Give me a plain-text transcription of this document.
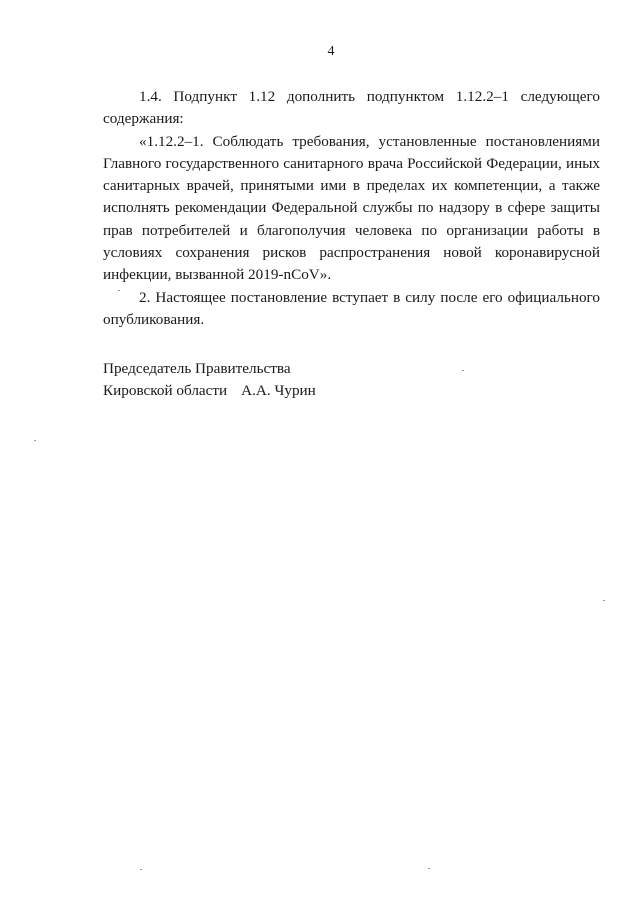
4

1.4. Подпункт 1.12 дополнить подпунктом 1.12.2–1 следующего содержания:

«1.12.2–1. Соблюдать требования, установленные постановлениями Главного государственного санитарного врача Российской Федерации, иных санитарных врачей, принятыми ими в пределах их компетенции, а также исполнять рекомендации Федеральной службы по надзору в сфере защиты прав потребителей и благополучия человека по организации работы в условиях сохранения рисков распространения новой коронавирусной инфекции, вызванной 2019-nCoV».

2. Настоящее постановление вступает в силу после его официального опубликования.

Председатель Правительства
Кировской области А.А. Чурин
